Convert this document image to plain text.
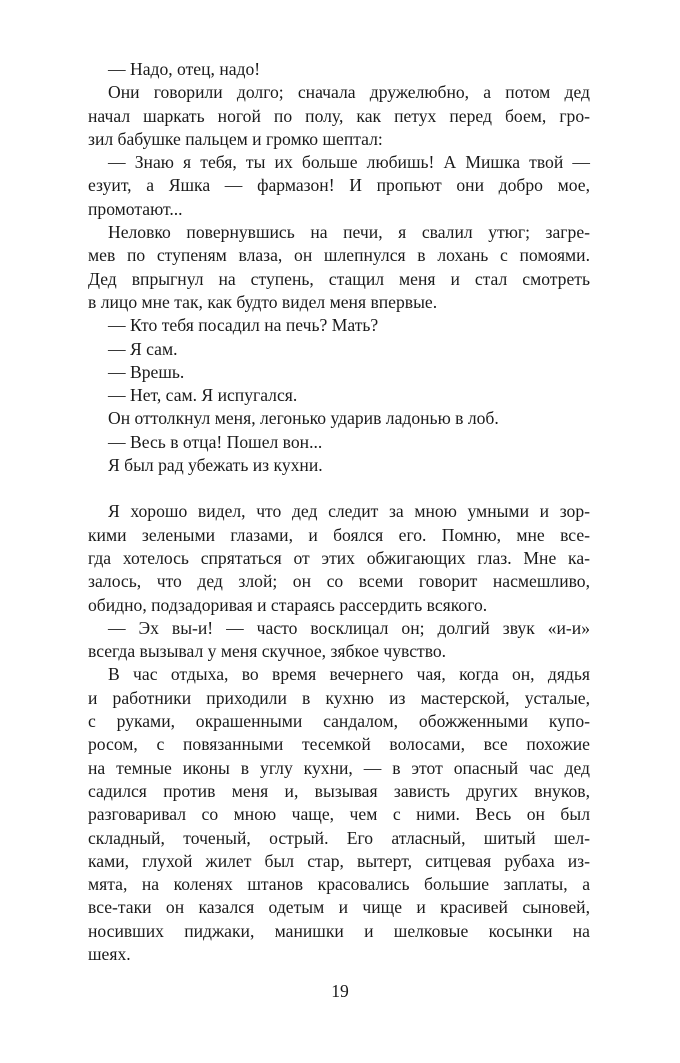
— Надо, отец, надо!
Они говорили долго; сначала дружелюбно, а потом дед
начал шаркать ногой по полу, как петух перед боем, гро-
зил бабушке пальцем и громко шептал:
— Знаю я тебя, ты их больше любишь! А Мишка твой —
езуит, а Яшка — фармазон! И пропьют они добро мое,
промотают...
Неловко повернувшись на печи, я свалил утюг; загре-
мев по ступеням влаза, он шлепнулся в лохань с помоями.
Дед впрыгнул на ступень, стащил меня и стал смотреть
в лицо мне так, как будто видел меня впервые.
— Кто тебя посадил на печь? Мать?
— Я сам.
— Врешь.
— Нет, сам. Я испугался.
Он оттолкнул меня, легонько ударив ладонью в лоб.
— Весь в отца! Пошел вон...
Я был рад убежать из кухни.
Я хорошо видел, что дед следит за мною умными и зор-
кими зелеными глазами, и боялся его. Помню, мне все-
гда хотелось спрятаться от этих обжигающих глаз. Мне ка-
залось, что дед злой; он со всеми говорит насмешливо,
обидно, подзадоривая и стараясь рассердить всякого.
— Эх вы-и! — часто восклицал он; долгий звук «и-и»
всегда вызывал у меня скучное, зябкое чувство.
В час отдыха, во время вечернего чая, когда он, дядья
и работники приходили в кухню из мастерской, усталые,
с руками, окрашенными сандалом, обожженными купо-
росом, с повязанными тесемкой волосами, все похожие
на темные иконы в углу кухни, — в этот опасный час дед
садился против меня и, вызывая зависть других внуков,
разговаривал со мною чаще, чем с ними. Весь он был
складный, точеный, острый. Его атласный, шитый шел-
ками, глухой жилет был стар, вытерт, ситцевая рубаха из-
мята, на коленях штанов красовались большие заплаты, а
все-таки он казался одетым и чище и красивей сыновей,
носивших пиджаки, манишки и шелковые косынки на
шеях.
19
